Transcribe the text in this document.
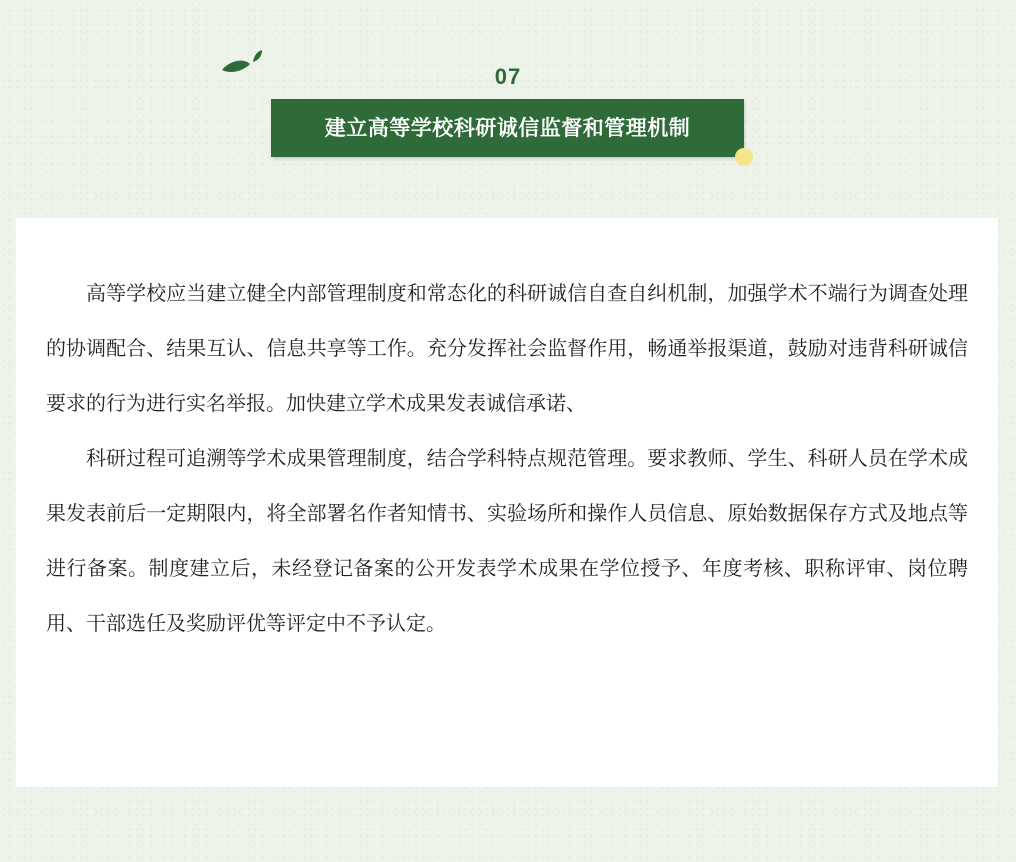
07
建立高等学校科研诚信监督和管理机制

高等学校应当建立健全内部管理制度和常态化的科研诚信自查自纠机制，加强学术不端行为调查处理的协调配合、结果互认、信息共享等工作。充分发挥社会监督作用，畅通举报渠道，鼓励对违背科研诚信要求的行为进行实名举报。加快建立学术成果发表诚信承诺、

科研过程可追溯等学术成果管理制度，结合学科特点规范管理。要求教师、学生、科研人员在学术成果发表前后一定期限内，将全部署名作者知情书、实验场所和操作人员信息、原始数据保存方式及地点等进行备案。制度建立后，未经登记备案的公开发表学术成果在学位授予、年度考核、职称评审、岗位聘用、干部选任及奖励评优等评定中不予认定。
